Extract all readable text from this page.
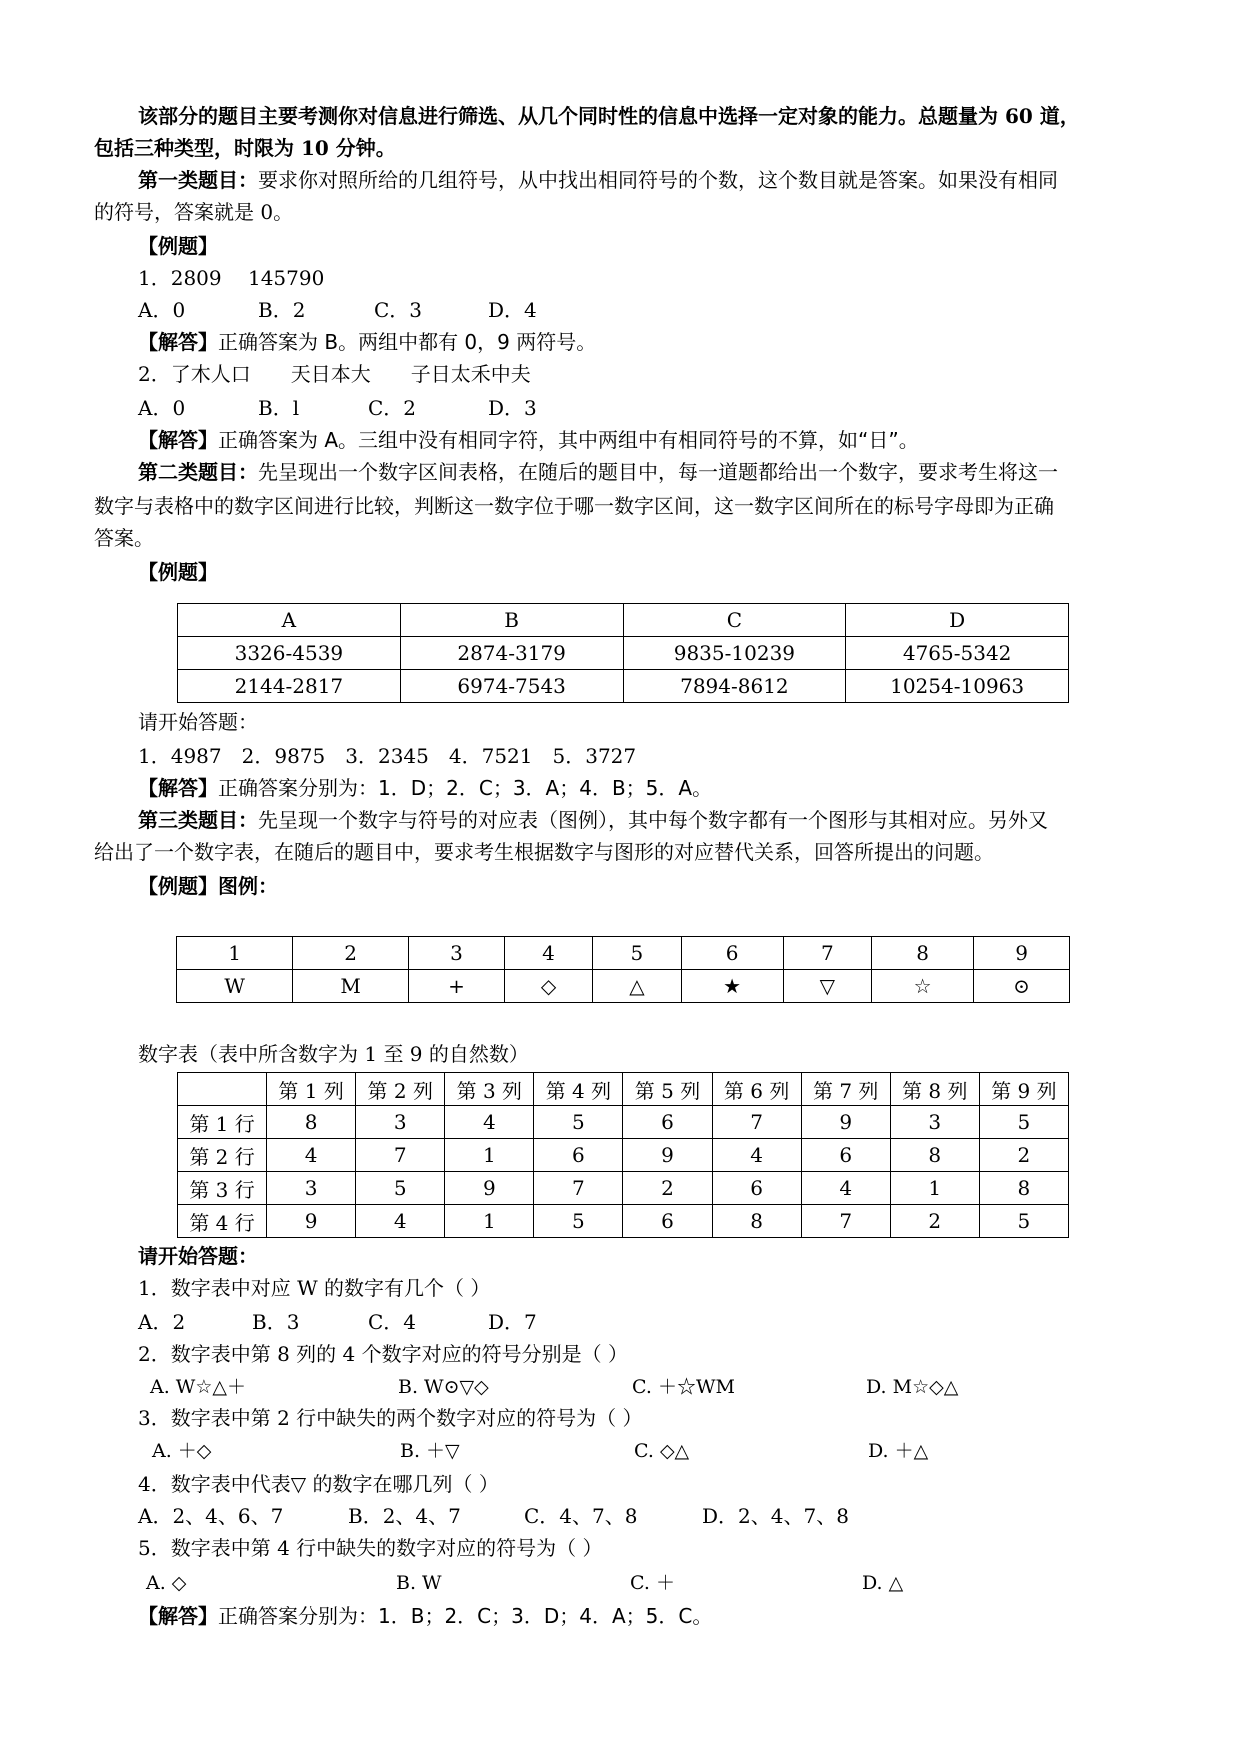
该部分的题目主要考测你对信息进行筛选、从几个同时性的信息中选择一定对象的能力。总题量为 60 道，
包括三种类型，时限为 10 分钟。
第一类题目：要求你对照所给的几组符号，从中找出相同符号的个数，这个数目就是答案。如果没有相同
的符号，答案就是 0。
【例题】
1．2809　 145790
A．0	B．2	C．3	D．4
【解答】正确答案为 B。两组中都有 0，9 两符号。
2．了木人口　　天日本大　　子日太禾中夫
A．0	B．l	C．2	D．3
【解答】正确答案为 A。三组中没有相同字符，其中两组中有相同符号的不算，如“日”。
第二类题目：先呈现出一个数字区间表格，在随后的题目中，每一道题都给出一个数字，要求考生将这一
数字与表格中的数字区间进行比较，判断这一数字位于哪一数字区间，这一数字区间所在的标号字母即为正确
答案。
【例题】
A	B	C	D
3326-4539	2874-3179	9835-10239	4765-5342
2144-2817	6974-7543	7894-8612	10254-10963
请开始答题：
1．4987　2．9875　3．2345　4．7521　5．3727
【解答】正确答案分别为：1．D；2．C；3．A；4．B；5．A。
第三类题目：先呈现一个数字与符号的对应表（图例），其中每个数字都有一个图形与其相对应。另外又
给出了一个数字表，在随后的题目中，要求考生根据数字与图形的对应替代关系，回答所提出的问题。
【例题】图例：
1	2	3	4	5	6	7	8	9
W	M	+	◇	△	★	▽	☆	⊙
数字表（表中所含数字为 1 至 9 的自然数）
	第 1 列	第 2 列	第 3 列	第 4 列	第 5 列	第 6 列	第 7 列	第 8 列	第 9 列
第 1 行	8	3	4	5	6	7	9	3	5
第 2 行	4	7	1	6	9	4	6	8	2
第 3 行	3	5	9	7	2	6	4	1	8
第 4 行	9	4	1	5	6	8	7	2	5
请开始答题：
1．数字表中对应 W 的数字有几个（ ）
A．2	B．3	C．4	D．7
2．数字表中第 8 列的 4 个数字对应的符号分别是（ ）
A. W☆△＋	B. W⊙▽◇	C. ＋☆WM	D. M☆◇△
3．数字表中第 2 行中缺失的两个数字对应的符号为（ ）
A. ＋◇	B. ＋▽	C. ◇△	D. ＋△
4．数字表中代表▽ 的数字在哪几列（ ）
A．2、4、6、7	B．2、4、7	C．4、7、8	D．2、4、7、8
5．数字表中第 4 行中缺失的数字对应的符号为（ ）
A. ◇	B. W	C. ＋	D. △
【解答】正确答案分别为：1．B；2．C；3．D；4．A；5．C。
